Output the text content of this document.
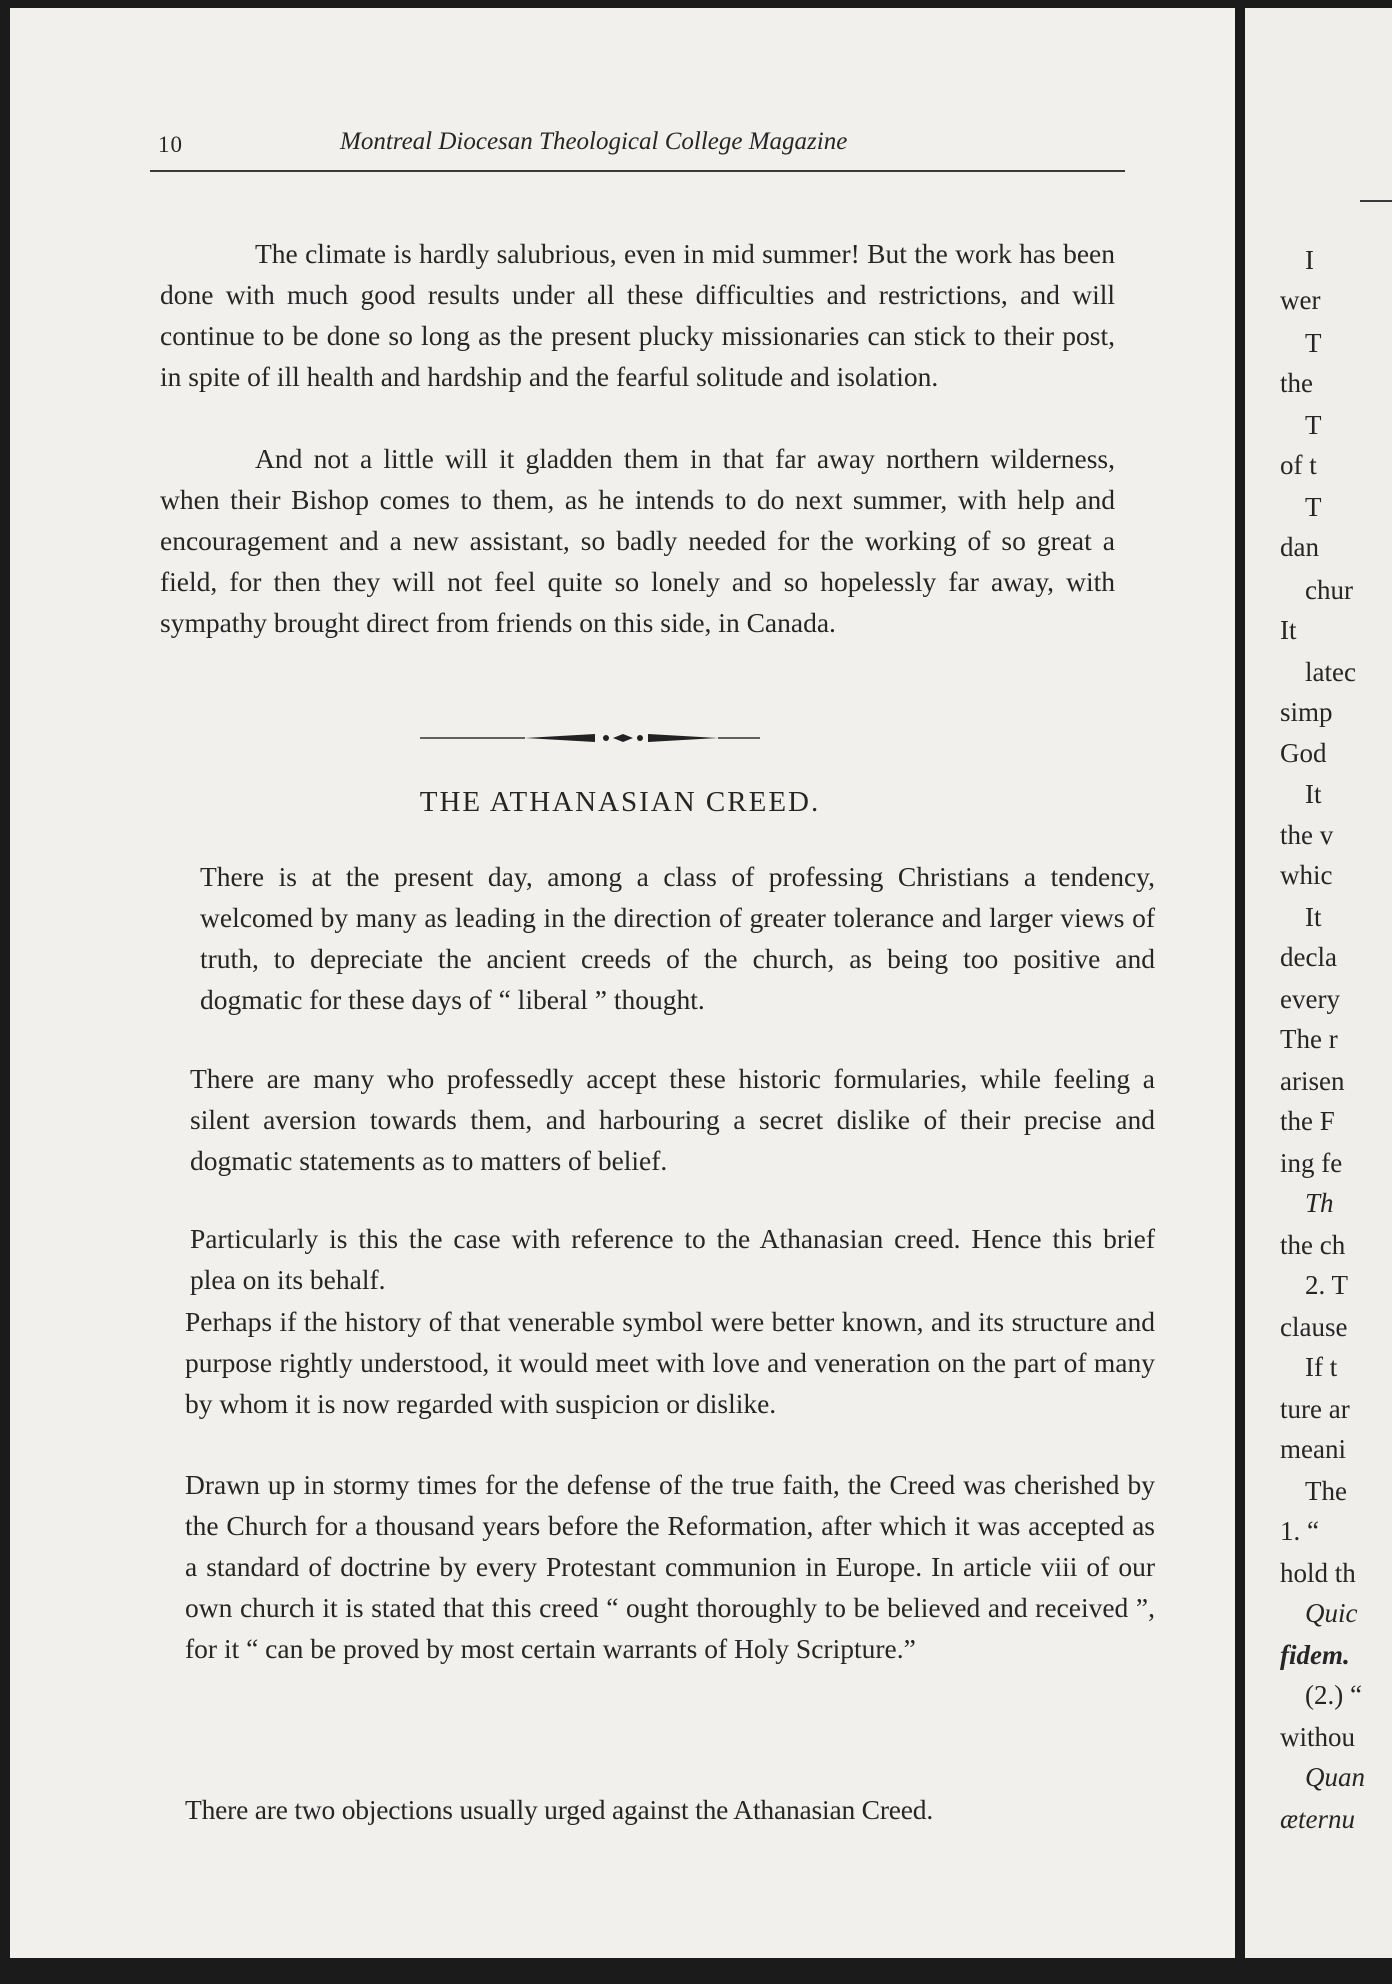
10	Montreal Diocesan Theological College Magazine

The climate is hardly salubrious, even in mid summer! But the work has been done with much good results under all these difficulties and restrictions, and will continue to be done so long as the present plucky missionaries can stick to their post, in spite of ill health and hardship and the fearful solitude and isolation.

And not a little will it gladden them in that far away northern wilderness, when their Bishop comes to them, as he intends to do next summer, with help and encouragement and a new assistant, so badly needed for the working of so great a field, for then they will not feel quite so lonely and so hopelessly far away, with sympathy brought direct from friends on this side, in Canada.

THE ATHANASIAN CREED.

There is at the present day, among a class of professing Christians a tendency, welcomed by many as leading in the direction of greater tolerance and larger views of truth, to depreciate the ancient creeds of the church, as being too positive and dogmatic for these days of “ liberal ” thought.

There are many who professedly accept these historic formularies, while feeling a silent aversion towards them, and harbouring a secret dislike of their precise and dogmatic statements as to matters of belief.

Particularly is this the case with reference to the Athanasian creed. Hence this brief plea on its behalf.

Perhaps if the history of that venerable symbol were better known, and its structure and purpose rightly understood, it would meet with love and veneration on the part of many by whom it is now regarded with suspicion or dislike.

Drawn up in stormy times for the defense of the true faith, the Creed was cherished by the Church for a thousand years before the Reformation, after which it was accepted as a standard of doctrine by every Protestant communion in Europe. In article viii of our own church it is stated that this creed “ ought thoroughly to be believed and received ”, for it “ can be proved by most certain warrants of Holy Scripture.”

There are two objections usually urged against the Athanasian Creed.

I
wer
T
the
T
of t
T
dan
chur
It
latec
simp
God
It
the v
whic
It
decla
every
The r
arisen
the F
ing fe
Th
the ch
2. T
clause
If t
ture ar
meani
The
1. “
hold th
Quic
fidem.
(2.) “
withou
Quan
æternu
